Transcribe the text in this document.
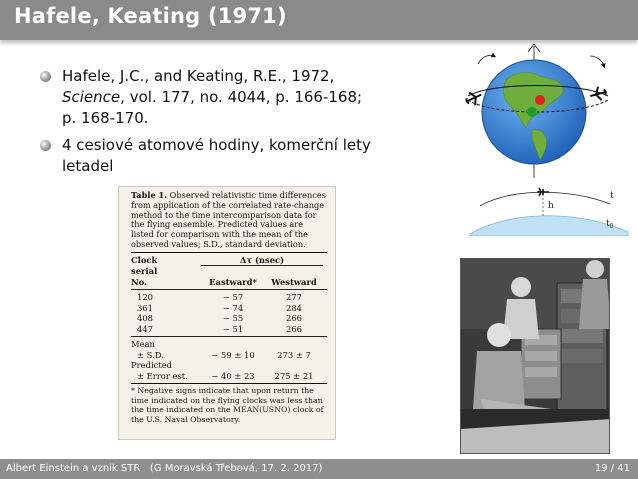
Hafele, Keating (1971)
Hafele, J.C., and Keating, R.E., 1972,
Science, vol. 177, no. 4044, p. 166-168;
p. 168-170.
4 cesiové atomové hodiny, komerční lety
letadel
Table 1. Observed relativistic time differences from application of the correlated rate-change method to the time intercomparison data for the flying ensemble. Predicted values are listed for comparison with the mean of the observed values; S.D., standard deviation.
Clock	Δτ (nsec)
serial
No.	Eastward*	Westward
120	− 57	277
361	− 74	284
408	− 55	266
447	− 51	266
Mean
± S.D.	− 59 ± 10	273 ± 7
Predicted
± Error est.	− 40 ± 23	275 ± 21
* Negative signs indicate that upon return the time indicated on the flying clocks was less than the time indicated on the MEAN(USNO) clock of the U.S. Naval Observatory.
h
t
$t_0$
Albert Einstein a vznik STR (G Moravská Třebová, 17. 2. 2017)	19 / 41
